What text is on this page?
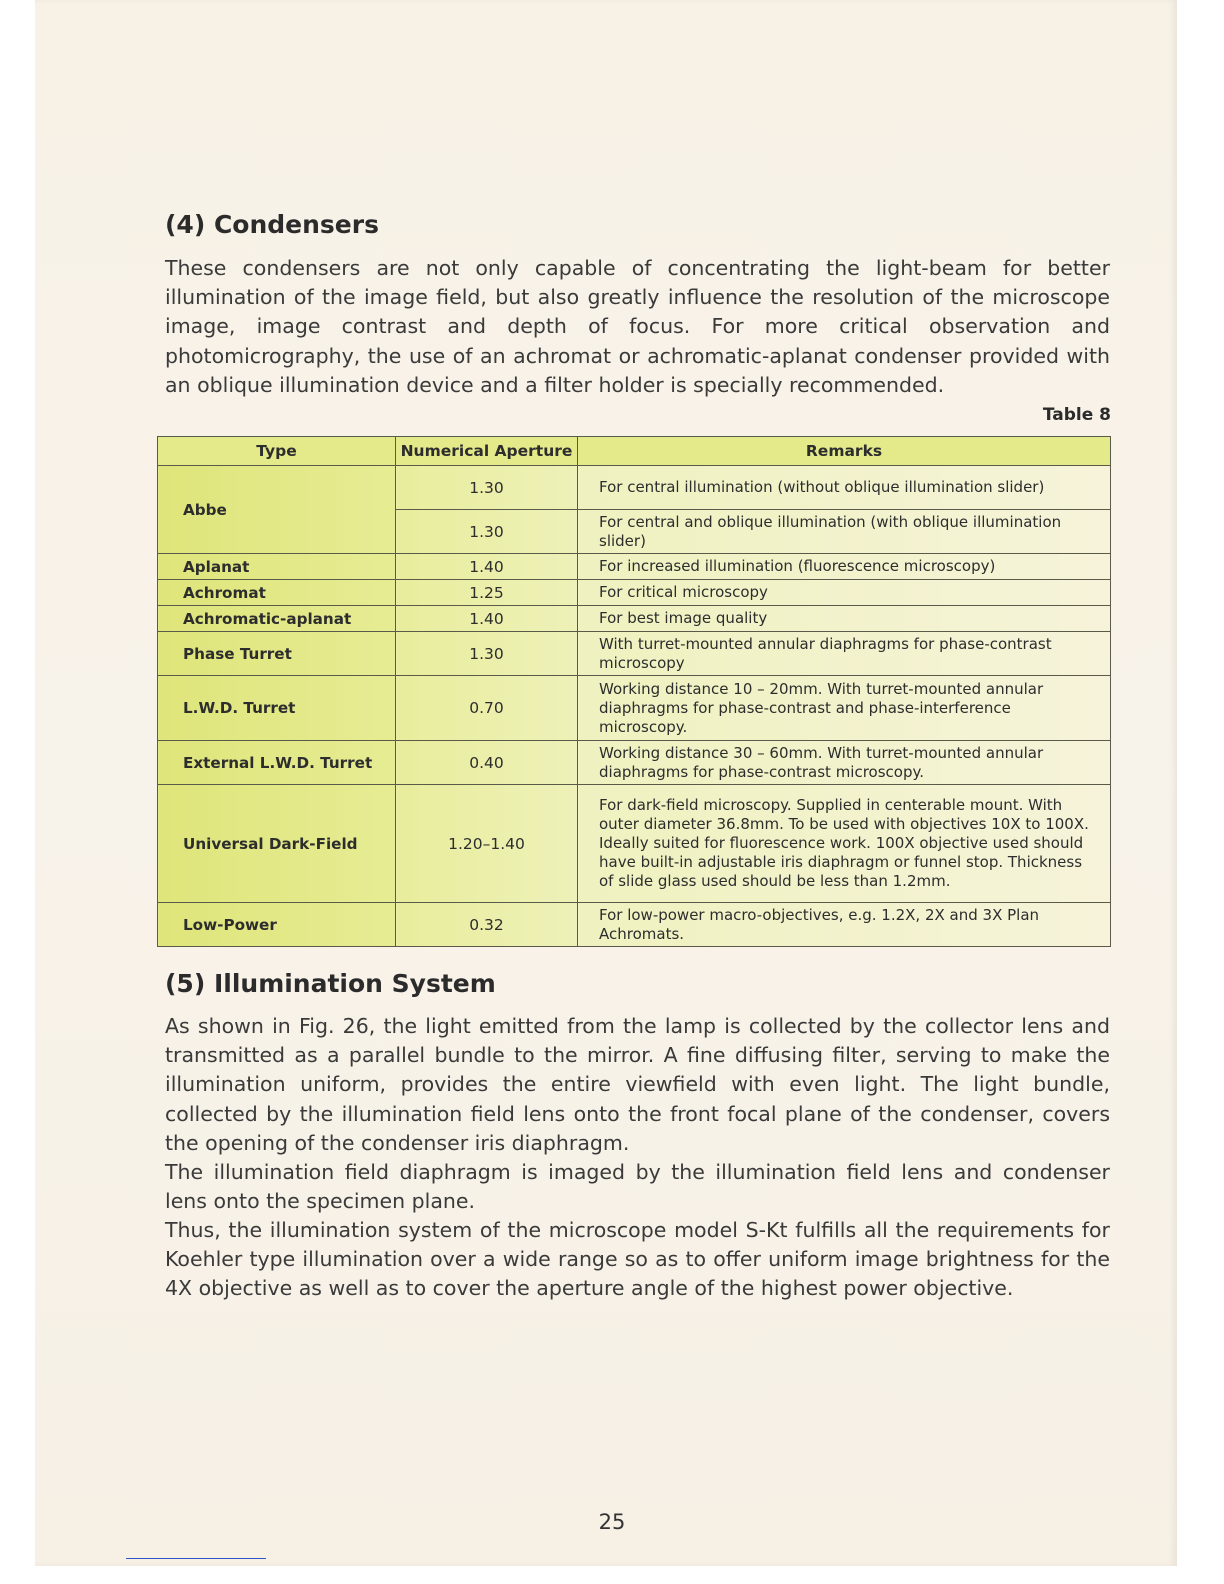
(4) Condensers

These condensers are not only capable of concentrating the light-beam for better illumination of the image field, but also greatly influence the resolution of the microscope image, image contrast and depth of focus. For more critical observation and photomicrography, the use of an achromat or achromatic-aplanat condenser provided with an oblique illumination device and a filter holder is specially recommended.

Table 8
Type	Numerical Aperture	Remarks
Abbe	1.30	For central illumination (without oblique illumination slider)
	1.30	For central and oblique illumination (with oblique illumination slider)
Aplanat	1.40	For increased illumination (fluorescence microscopy)
Achromat	1.25	For critical microscopy
Achromatic-aplanat	1.40	For best image quality
Phase Turret	1.30	With turret-mounted annular diaphragms for phase-contrast microscopy
L.W.D. Turret	0.70	Working distance 10 – 20mm. With turret-mounted annular diaphragms for phase-contrast and phase-interference microscopy.
External L.W.D. Turret	0.40	Working distance 30 – 60mm. With turret-mounted annular diaphragms for phase-contrast microscopy.
Universal Dark-Field	1.20–1.40	For dark-field microscopy. Supplied in centerable mount. With outer diameter 36.8mm. To be used with objectives 10X to 100X. Ideally suited for fluorescence work. 100X objective used should have built-in adjustable iris diaphragm or funnel stop. Thickness of slide glass used should be less than 1.2mm.
Low-Power	0.32	For low-power macro-objectives, e.g. 1.2X, 2X and 3X Plan Achromats.
(5) Illumination System

As shown in Fig. 26, the light emitted from the lamp is collected by the collector lens and transmitted as a parallel bundle to the mirror. A fine diffusing filter, serving to make the illumination uniform, provides the entire viewfield with even light. The light bundle, collected by the illumination field lens onto the front focal plane of the condenser, covers the opening of the condenser iris diaphragm.

The illumination field diaphragm is imaged by the illumination field lens and condenser lens onto the specimen plane.

Thus, the illumination system of the microscope model S-Kt fulfills all the requirements for Koehler type illumination over a wide range so as to offer uniform image brightness for the 4X objective as well as to cover the aperture angle of the highest power objective.

25
